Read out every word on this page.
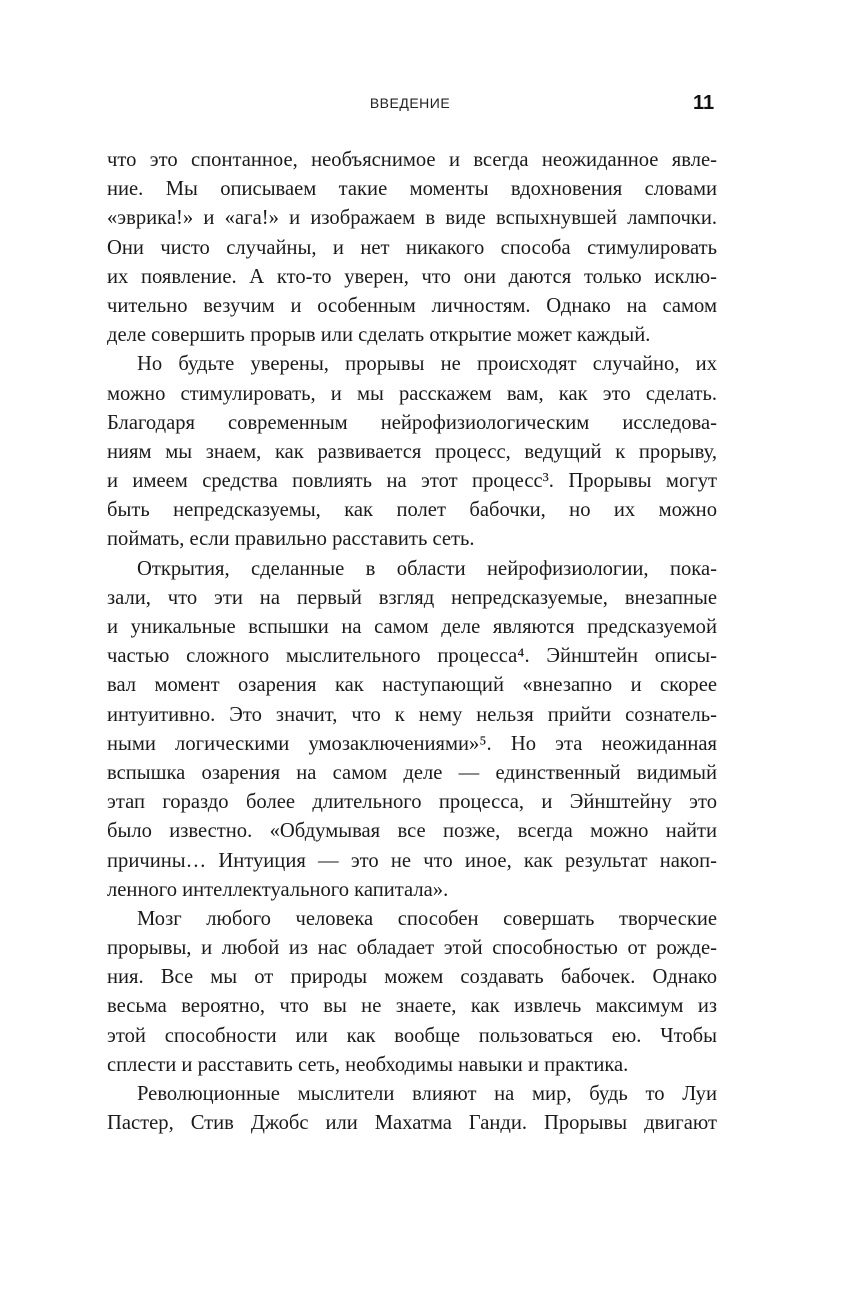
ВВЕДЕНИЕ	11

что это спонтанное, необъяснимое и всегда неожиданное явле-
ние. Мы описываем такие моменты вдохновения словами
«эврика!» и «ага!» и изображаем в виде вспыхнувшей лампочки.
Они чисто случайны, и нет никакого способа стимулировать
их появление. А кто-то уверен, что они даются только исклю-
чительно везучим и особенным личностям. Однако на самом
деле совершить прорыв или сделать открытие может каждый.

Но будьте уверены, прорывы не происходят случайно, их
можно стимулировать, и мы расскажем вам, как это сделать.
Благодаря современным нейрофизиологическим исследова-
ниям мы знаем, как развивается процесс, ведущий к прорыву,
и имеем средства повлиять на этот процесс³. Прорывы могут
быть непредсказуемы, как полет бабочки, но их можно
поймать, если правильно расставить сеть.

Открытия, сделанные в области нейрофизиологии, пока-
зали, что эти на первый взгляд непредсказуемые, внезапные
и уникальные вспышки на самом деле являются предсказуемой
частью сложного мыслительного процесса⁴. Эйнштейн описы-
вал момент озарения как наступающий «внезапно и скорее
интуитивно. Это значит, что к нему нельзя прийти сознатель-
ными логическими умозаключениями»⁵. Но эта неожиданная
вспышка озарения на самом деле — единственный видимый
этап гораздо более длительного процесса, и Эйнштейну это
было известно. «Обдумывая все позже, всегда можно найти
причины… Интуиция — это не что иное, как результат накоп-
ленного интеллектуального капитала».

Мозг любого человека способен совершать творческие
прорывы, и любой из нас обладает этой способностью от рожде-
ния. Все мы от природы можем создавать бабочек. Однако
весьма вероятно, что вы не знаете, как извлечь максимум из
этой способности или как вообще пользоваться ею. Чтобы
сплести и расставить сеть, необходимы навыки и практика.

Революционные мыслители влияют на мир, будь то Луи
Пастер, Стив Джобс или Махатма Ганди. Прорывы двигают
